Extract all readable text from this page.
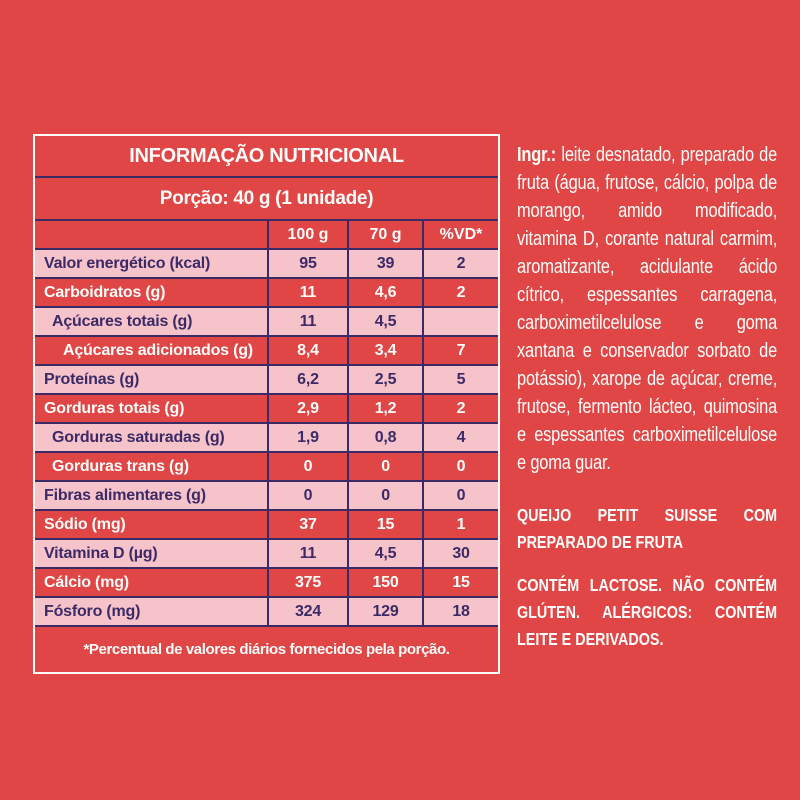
INFORMAÇÃO NUTRICIONAL
Porção: 40 g (1 unidade)
100 g	70 g	%VD*
Valor energético (kcal)	95	39	2
Carboidratos (g)	11	4,6	2
Açúcares totais (g)	11	4,5
Açúcares adicionados (g)	8,4	3,4	7
Proteínas (g)	6,2	2,5	5
Gorduras totais (g)	2,9	1,2	2
Gorduras saturadas (g)	1,9	0,8	4
Gorduras trans (g)	0	0	0
Fibras alimentares (g)	0	0	0
Sódio (mg)	37	15	1
Vitamina D (µg)	11	4,5	30
Cálcio (mg)	375	150	15
Fósforo (mg)	324	129	18
*Percentual de valores diários fornecidos pela porção.

Ingr.: leite desnatado, preparado de fruta (água, frutose, cálcio, polpa de morango, amido modificado, vitamina D, corante natural carmim, aromatizante, acidulante ácido cítrico, espessantes carragena, carboximetilcelulose e goma xantana e conservador sorbato de potássio), xarope de açúcar, creme, frutose, fermento lácteo, quimosina e espessantes carboximetilcelulose e goma guar.

QUEIJO PETIT SUISSE COM PREPARADO DE FRUTA

CONTÉM LACTOSE. NÃO CONTÉM GLÚTEN. ALÉRGICOS: CONTÉM LEITE E DERIVADOS.
